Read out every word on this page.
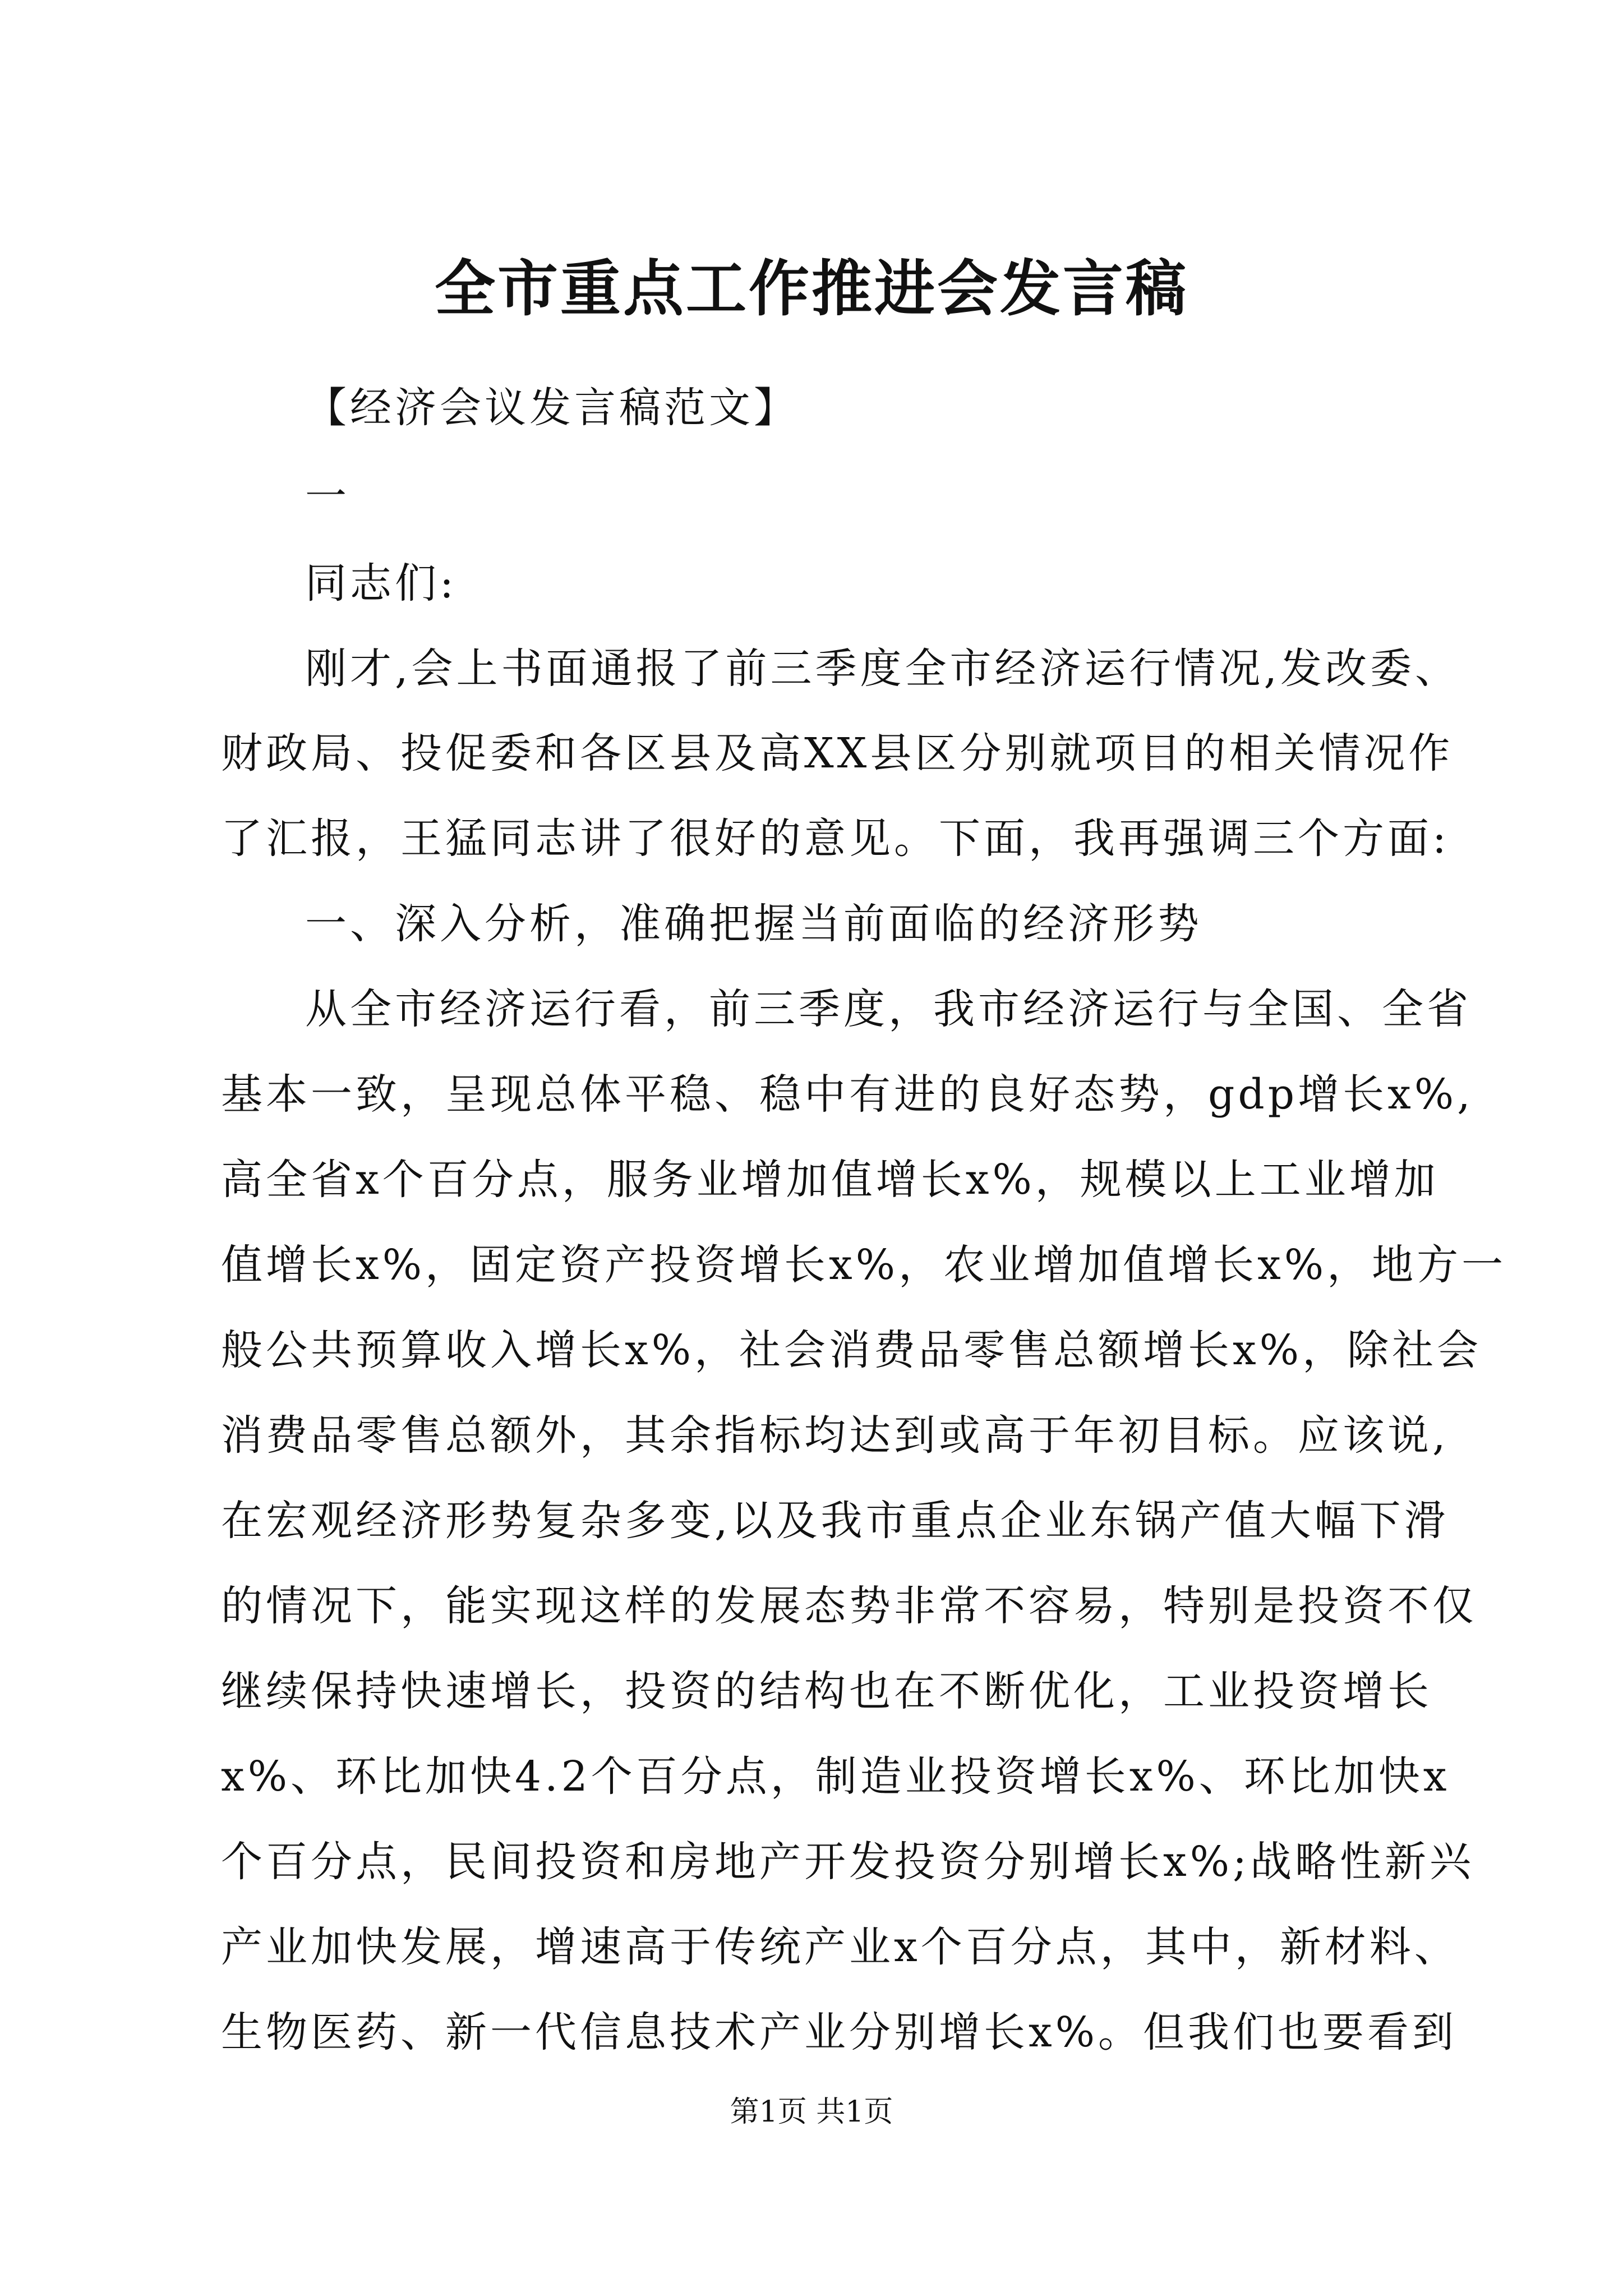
全市重点工作推进会发言稿
【经济会议发言稿范文】
一
同志们:
刚才,会上书面通报了前三季度全市经济运行情况,发改委、
财政局、投促委和各区县及高XX县区分别就项目的相关情况作
了汇报，王猛同志讲了很好的意见。下面，我再强调三个方面:
一、深入分析，准确把握当前面临的经济形势
从全市经济运行看，前三季度，我市经济运行与全国、全省
基本一致，呈现总体平稳、稳中有进的良好态势，gdp增长x%,
高全省x个百分点，服务业增加值增长x%，规模以上工业增加
值增长x%，固定资产投资增长x%，农业增加值增长x%，地方一
般公共预算收入增长x%，社会消费品零售总额增长x%，除社会
消费品零售总额外，其余指标均达到或高于年初目标。应该说,
在宏观经济形势复杂多变,以及我市重点企业东锅产值大幅下滑
的情况下，能实现这样的发展态势非常不容易，特别是投资不仅
继续保持快速增长，投资的结构也在不断优化，工业投资增长
x%、环比加快4.2个百分点，制造业投资增长x%、环比加快x
个百分点，民间投资和房地产开发投资分别增长x%;战略性新兴
产业加快发展，增速高于传统产业x个百分点，其中，新材料、
生物医药、新一代信息技术产业分别增长x%。但我们也要看到
第1页 共1页
